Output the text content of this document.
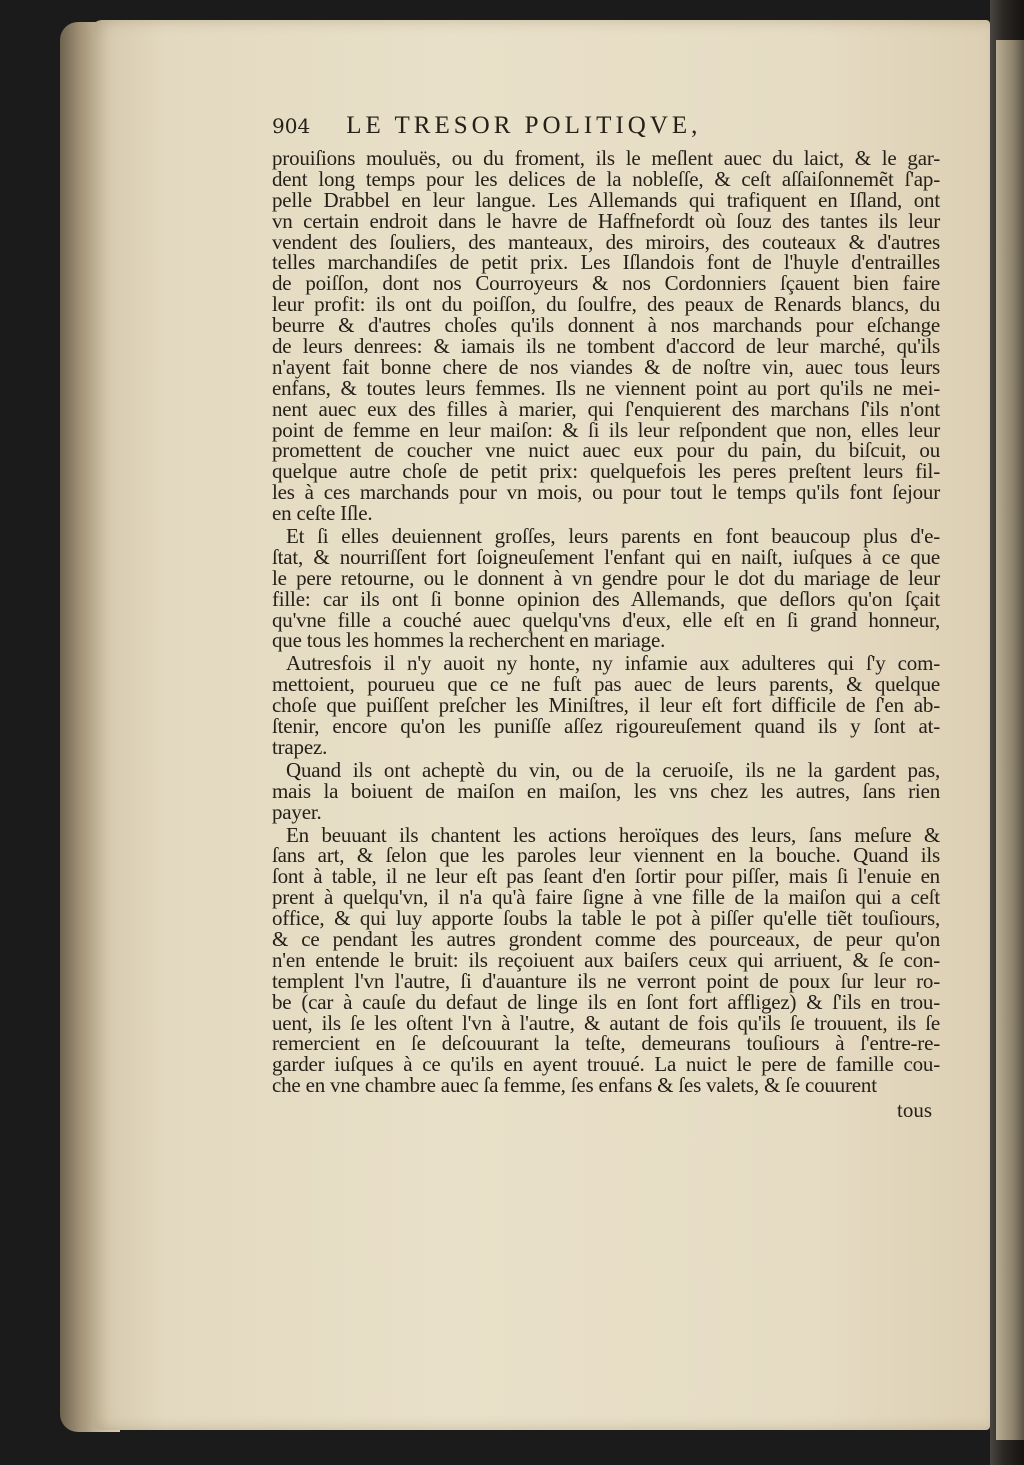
904 LE TRESOR POLITIQVE,
prouiſions mouluës, ou du froment, ils le meſlent auec du laict, & le gar-
dent long temps pour les delices de la nobleſſe, & ceſt aſſaiſonnemẽt ſ'ap-
pelle Drabbel en leur langue. Les Allemands qui trafiquent en Iſland, ont
vn certain endroit dans le havre de Haffnefordt où ſouz des tantes ils leur
vendent des ſouliers, des manteaux, des miroirs, des couteaux & d'autres
telles marchandiſes de petit prix. Les Iſlandois font de l'huyle d'entrailles
de poiſſon, dont nos Courroyeurs & nos Cordonniers ſçauent bien faire
leur profit: ils ont du poiſſon, du ſoulfre, des peaux de Renards blancs, du
beurre & d'autres choſes qu'ils donnent à nos marchands pour eſchange
de leurs denrees: & iamais ils ne tombent d'accord de leur marché, qu'ils
n'ayent fait bonne chere de nos viandes & de noſtre vin, auec tous leurs
enfans, & toutes leurs femmes. Ils ne viennent point au port qu'ils ne mei-
nent auec eux des filles à marier, qui ſ'enquierent des marchans ſ'ils n'ont
point de femme en leur maiſon: & ſi ils leur reſpondent que non, elles leur
promettent de coucher vne nuict auec eux pour du pain, du biſcuit, ou
quelque autre choſe de petit prix: quelquefois les peres preſtent leurs fil-
les à ces marchands pour vn mois, ou pour tout le temps qu'ils font ſejour
en ceſte Iſle.
Et ſi elles deuiennent groſſes, leurs parents en font beaucoup plus d'e-
ſtat, & nourriſſent fort ſoigneuſement l'enfant qui en naiſt, iuſques à ce que
le pere retourne, ou le donnent à vn gendre pour le dot du mariage de leur
fille: car ils ont ſi bonne opinion des Allemands, que deſlors qu'on ſçait
qu'vne fille a couché auec quelqu'vns d'eux, elle eſt en ſi grand honneur,
que tous les hommes la recherchent en mariage.
Autresfois il n'y auoit ny honte, ny infamie aux adulteres qui ſ'y com-
mettoient, pourueu que ce ne fuſt pas auec de leurs parents, & quelque
choſe que puiſſent preſcher les Miniſtres, il leur eſt fort difficile de ſ'en ab-
ſtenir, encore qu'on les puniſſe aſſez rigoureuſement quand ils y ſont at-
trapez.
Quand ils ont acheptè du vin, ou de la ceruoiſe, ils ne la gardent pas,
mais la boiuent de maiſon en maiſon, les vns chez les autres, ſans rien
payer.
En beuuant ils chantent les actions heroïques des leurs, ſans meſure &
ſans art, & ſelon que les paroles leur viennent en la bouche. Quand ils
ſont à table, il ne leur eſt pas ſeant d'en ſortir pour piſſer, mais ſi l'enuie en
prent à quelqu'vn, il n'a qu'à faire ſigne à vne fille de la maiſon qui a ceſt
office, & qui luy apporte ſoubs la table le pot à piſſer qu'elle tiẽt touſiours,
& ce pendant les autres grondent comme des pourceaux, de peur qu'on
n'en entende le bruit: ils reçoiuent aux baiſers ceux qui arriuent, & ſe con-
templent l'vn l'autre, ſi d'auanture ils ne verront point de poux ſur leur ro-
be (car à cauſe du defaut de linge ils en ſont fort affligez) & ſ'ils en trou-
uent, ils ſe les oſtent l'vn à l'autre, & autant de fois qu'ils ſe trouuent, ils ſe
remercient en ſe deſcouurant la teſte, demeurans touſiours à ſ'entre-re-
garder iuſques à ce qu'ils en ayent trouué. La nuict le pere de famille cou-
che en vne chambre auec ſa femme, ſes enfans & ſes valets, & ſe couurent
tous
